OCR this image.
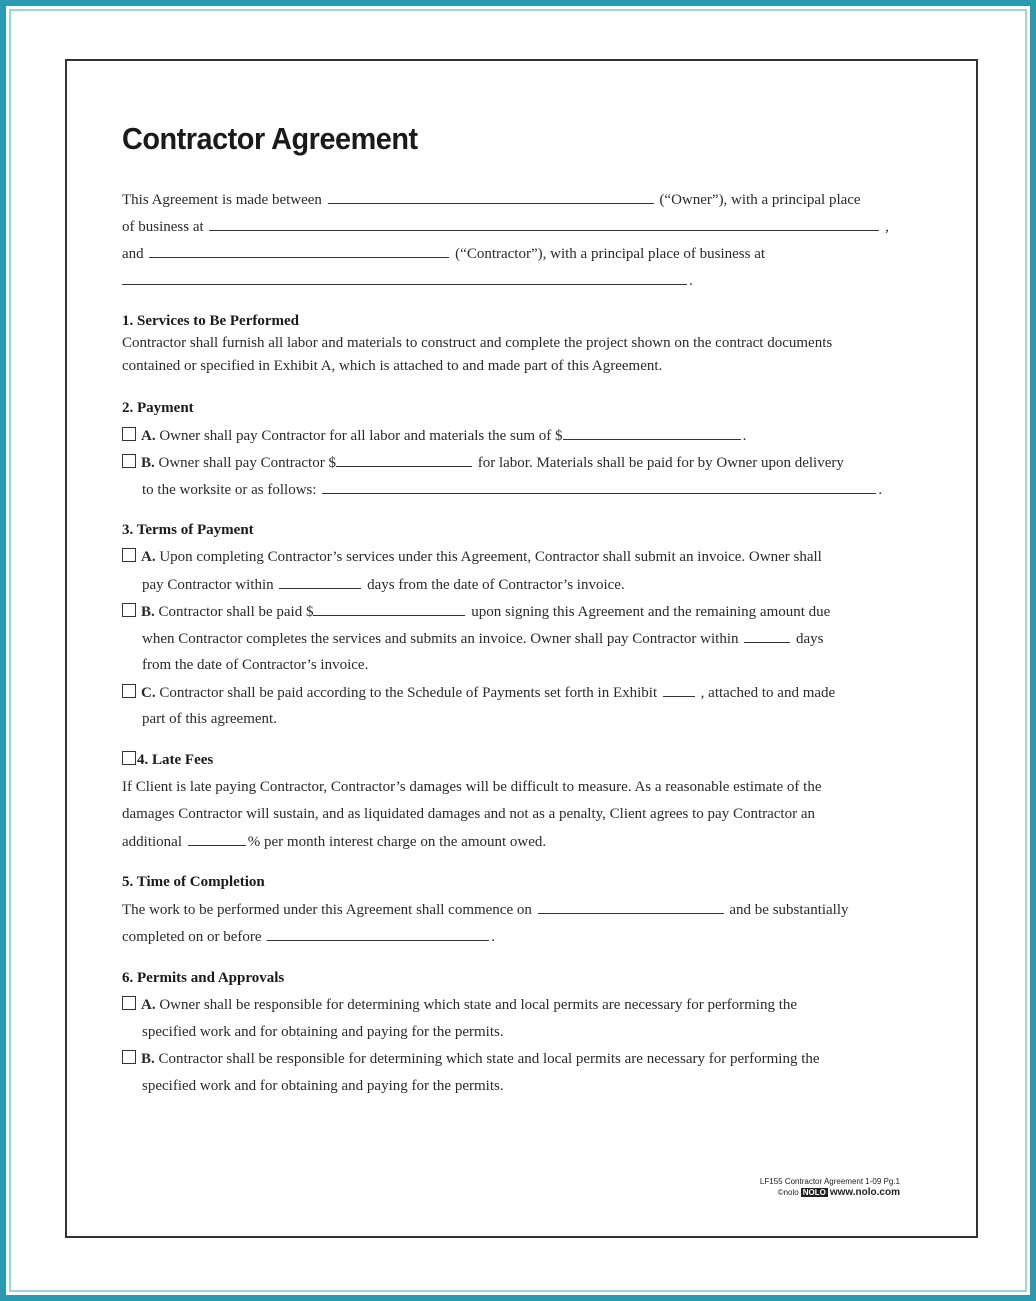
Contractor Agreement
This Agreement is made between	(“Owner”), with a principal place
of business at	,
and	(“Contractor”), with a principal place of business at
.
1. Services to Be Performed
Contractor shall furnish all labor and materials to construct and complete the project shown on the contract documents
contained or specified in Exhibit A, which is attached to and made part of this Agreement.
2. Payment
A. Owner shall pay Contractor for all labor and materials the sum of $	.
B. Owner shall pay Contractor $	for labor. Materials shall be paid for by Owner upon delivery
to the worksite or as follows:	.
3. Terms of Payment
A. Upon completing Contractor’s services under this Agreement, Contractor shall submit an invoice. Owner shall
pay Contractor within	days from the date of Contractor’s invoice.
B. Contractor shall be paid $	upon signing this Agreement and the remaining amount due
when Contractor completes the services and submits an invoice. Owner shall pay Contractor within	days
from the date of Contractor’s invoice.
C. Contractor shall be paid according to the Schedule of Payments set forth in Exhibit	, attached to and made
part of this agreement.
4. Late Fees
If Client is late paying Contractor, Contractor’s damages will be difficult to measure. As a reasonable estimate of the
damages Contractor will sustain, and as liquidated damages and not as a penalty, Client agrees to pay Contractor an
additional	% per month interest charge on the amount owed.
5. Time of Completion
The work to be performed under this Agreement shall commence on	and be substantially
completed on or before	.
6. Permits and Approvals
A. Owner shall be responsible for determining which state and local permits are necessary for performing the
specified work and for obtaining and paying for the permits.
B. Contractor shall be responsible for determining which state and local permits are necessary for performing the
specified work and for obtaining and paying for the permits.
LF155 Contractor Agreement 1-09 Pg.1
©nolo NOLO www.nolo.com
